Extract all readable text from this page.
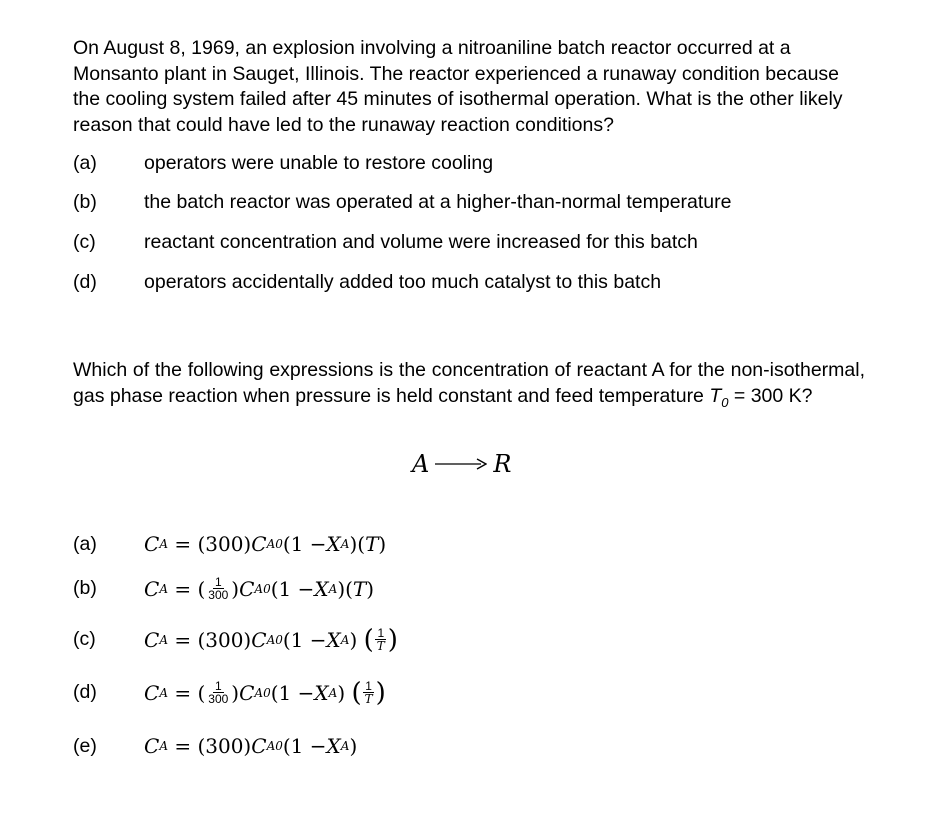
On August 8, 1969, an explosion involving a nitroaniline batch reactor occurred at a Monsanto plant in Sauget, Illinois. The reactor experienced a runaway condition because the cooling system failed after 45 minutes of isothermal operation. What is the other likely reason that could have led to the runaway reaction conditions?
(a) operators were unable to restore cooling
(b) the batch reactor was operated at a higher-than-normal temperature
(c) reactant concentration and volume were increased for this batch
(d) operators accidentally added too much catalyst to this batch
Which of the following expressions is the concentration of reactant A for the non-isothermal, gas phase reaction when pressure is held constant and feed temperature $T_0 = 300$ K?
A → R
(a) C A = (300) C A0 (1 − X A )( T )
(b) C A = ( $\frac{1}{300}$ ) C A0 (1 − X A )( T )
(c) C A = (300) C A0 (1 − X A ) ( $\frac{1}{T}$ )
(d) C A = ( $\frac{1}{300}$ ) C A0 (1 − X A ) ( $\frac{1}{T}$ )
(e) C A = (300) C A0 (1 − X A )
